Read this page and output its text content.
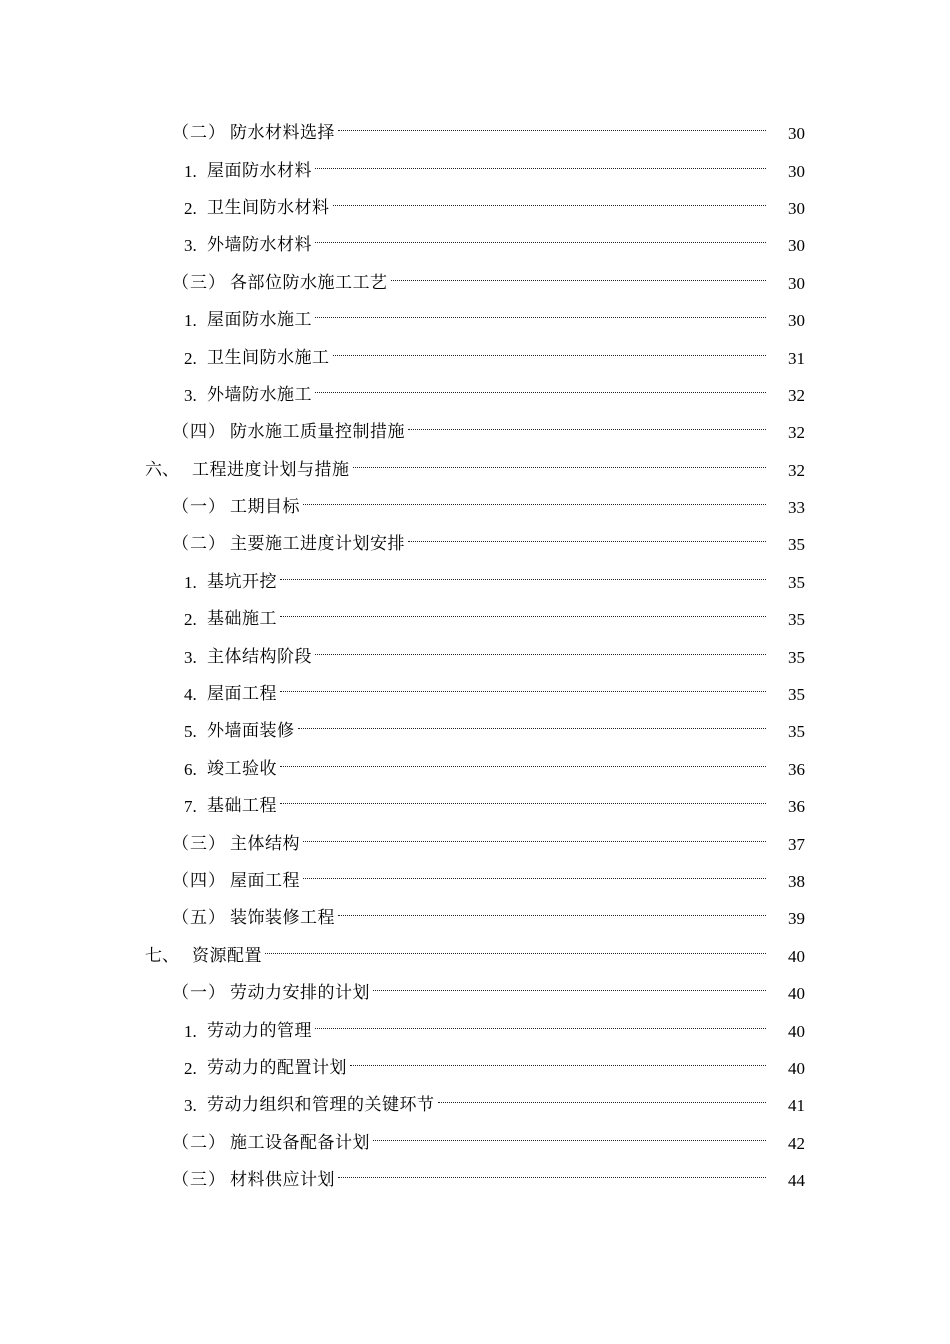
（二） 防水材料选择	30
1. 屋面防水材料	30
2. 卫生间防水材料	30
3. 外墙防水材料	30
（三） 各部位防水施工工艺	30
1. 屋面防水施工	30
2. 卫生间防水施工	31
3. 外墙防水施工	32
（四） 防水施工质量控制措施	32
六、 工程进度计划与措施	32
（一） 工期目标	33
（二） 主要施工进度计划安排	35
1. 基坑开挖	35
2. 基础施工	35
3. 主体结构阶段	35
4. 屋面工程	35
5. 外墙面装修	35
6. 竣工验收	36
7. 基础工程	36
（三） 主体结构	37
（四） 屋面工程	38
（五） 装饰装修工程	39
七、 资源配置	40
（一） 劳动力安排的计划	40
1. 劳动力的管理	40
2. 劳动力的配置计划	40
3. 劳动力组织和管理的关键环节	41
（二） 施工设备配备计划	42
（三） 材料供应计划	44
